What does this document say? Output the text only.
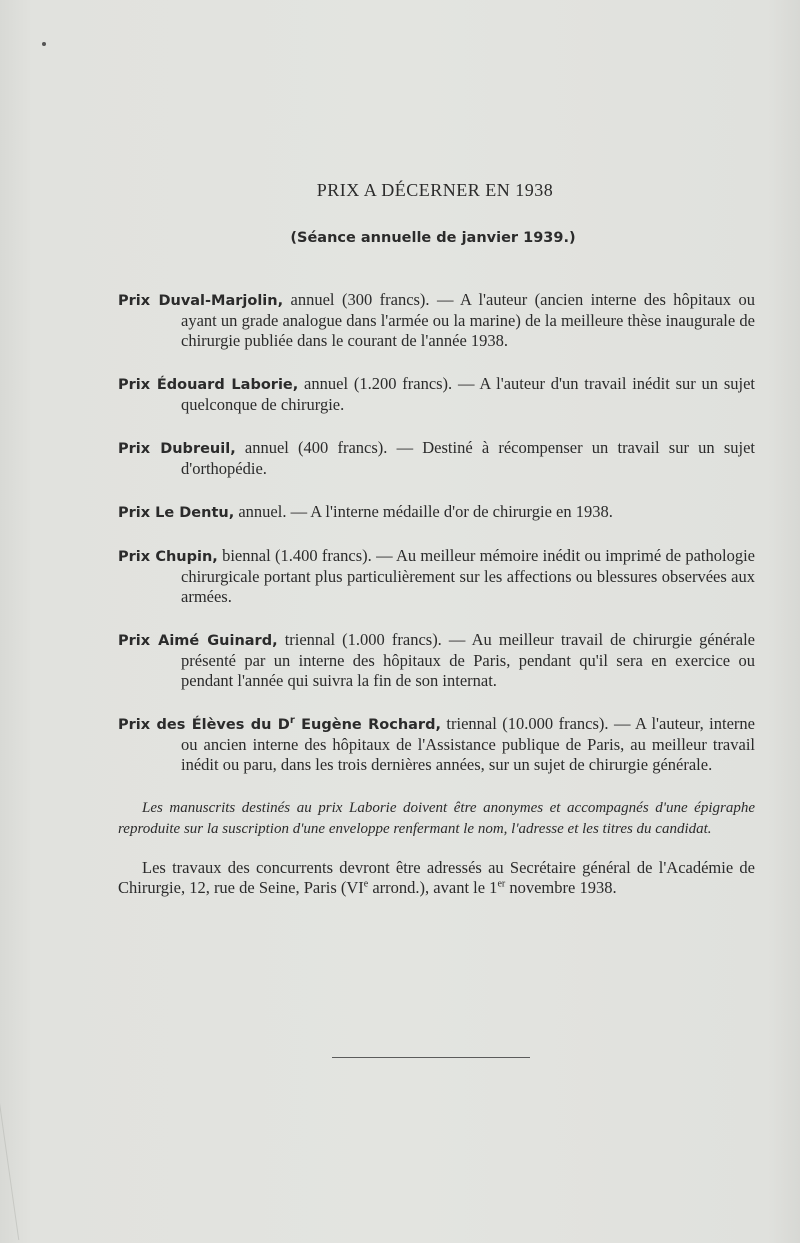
PRIX A DÉCERNER EN 1938
(Séance annuelle de janvier 1939.)

Prix Duval-Marjolin, annuel (300 francs). — A l'auteur (ancien interne des hôpitaux ou ayant un grade analogue dans l'armée ou la marine) de la meilleure thèse inaugurale de chirurgie publiée dans le courant de l'année 1938.

Prix Édouard Laborie, annuel (1.200 francs). — A l'auteur d'un travail inédit sur un sujet quelconque de chirurgie.

Prix Dubreuil, annuel (400 francs). — Destiné à récompenser un travail sur un sujet d'orthopédie.

Prix Le Dentu, annuel. — A l'interne médaille d'or de chirurgie en 1938.

Prix Chupin, biennal (1.400 francs). — Au meilleur mémoire inédit ou imprimé de pathologie chirurgicale portant plus particulièrement sur les affections ou blessures observées aux armées.

Prix Aimé Guinard, triennal (1.000 francs). — Au meilleur travail de chirurgie générale présenté par un interne des hôpitaux de Paris, pendant qu'il sera en exercice ou pendant l'année qui suivra la fin de son internat.

Prix des Élèves du $D^r$ Eugène Rochard, triennal (10.000 francs). — A l'auteur, interne ou ancien interne des hôpitaux de l'Assistance publique de Paris, au meilleur travail inédit ou paru, dans les trois dernières années, sur un sujet de chirurgie générale.

Les manuscrits destinés au prix Laborie doivent être anonymes et accompagnés d'une épigraphe reproduite sur la suscription d'une enveloppe renfermant le nom, l'adresse et les titres du candidat.

Les travaux des concurrents devront être adressés au Secrétaire général de l'Académie de Chirurgie, 12, rue de Seine, Paris (VIe arrond.), avant le 1er novembre 1938.
